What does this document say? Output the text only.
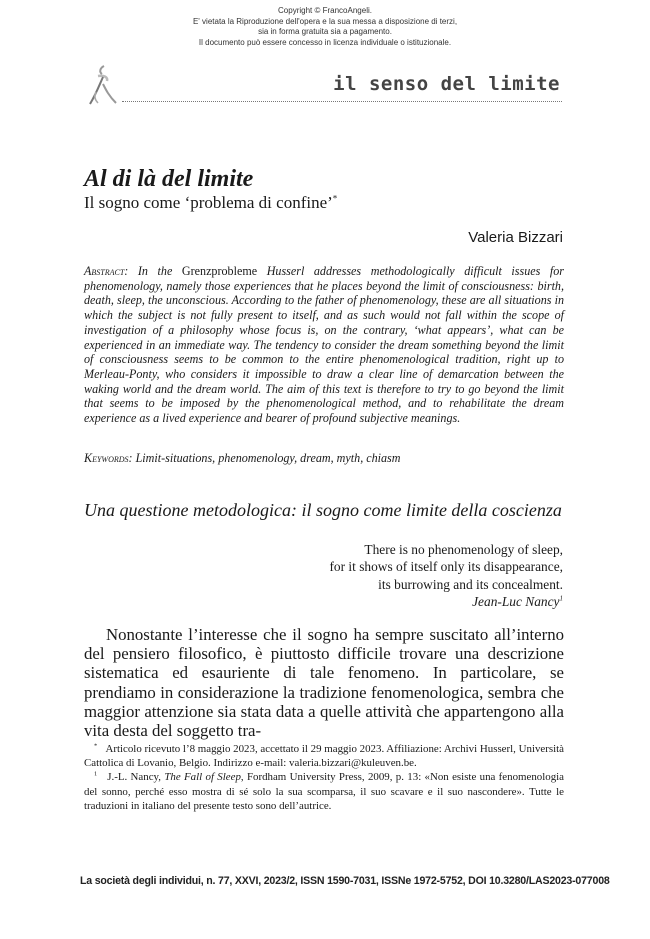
Copyright © FrancoAngeli.
E' vietata la Riproduzione dell'opera e la sua messa a disposizione di terzi,
sia in forma gratuita sia a pagamento.
Il documento può essere concesso in licenza individuale o istituzionale.
il senso del limite
Al di là del limite
Il sogno come ‘problema di confine’*
Valeria Bizzari
Abstract: In the Grenzprobleme Husserl addresses methodologically difficult issues for phenomenology, namely those experiences that he places beyond the limit of consciousness: birth, death, sleep, the unconscious. According to the father of phenomenology, these are all situations in which the subject is not fully present to itself, and as such would not fall within the scope of investigation of a philosophy whose focus is, on the contrary, ‘what appears’, what can be experienced in an immediate way. The tendency to consider the dream something beyond the limit of consciousness seems to be common to the entire phenomenological tradition, right up to Merleau-Ponty, who considers it impossible to draw a clear line of demarcation between the waking world and the dream world. The aim of this text is therefore to try to go beyond the limit that seems to be imposed by the phenomenological method, and to rehabilitate the dream experience as a lived experience and bearer of profound subjective meanings.
Keywords: Limit-situations, phenomenology, dream, myth, chiasm
Una questione metodologica: il sogno come limite della coscienza
There is no phenomenology of sleep,
for it shows of itself only its disappearance,
its burrowing and its concealment.
Jean-Luc Nancy$^1$

Nonostante l’interesse che il sogno ha sempre suscitato all’interno del pensiero filosofico, è piuttosto difficile trovare una descrizione sistematica ed esauriente di tale fenomeno. In particolare, se prendiamo in considerazione la tradizione fenomenologica, sembra che maggior attenzione sia stata data a quelle attività che appartengono alla vita desta del soggetto tra-

* Articolo ricevuto l’8 maggio 2023, accettato il 29 maggio 2023. Affiliazione: Archivi Husserl, Università Cattolica di Lovanio, Belgio. Indirizzo e-mail: valeria.bizzari@kuleuven.be.

$^1$ J.-L. Nancy, The Fall of Sleep, Fordham University Press, 2009, p. 13: «Non esiste una fenomenologia del sonno, perché esso mostra di sé solo la sua scomparsa, il suo scavare e il suo nascondere». Tutte le traduzioni in italiano del presente testo sono dell’autrice.

La società degli individui, n. 77, XXVI, 2023/2, ISSN 1590-7031, ISSNe 1972-5752, DOI 10.3280/LAS2023-077008
